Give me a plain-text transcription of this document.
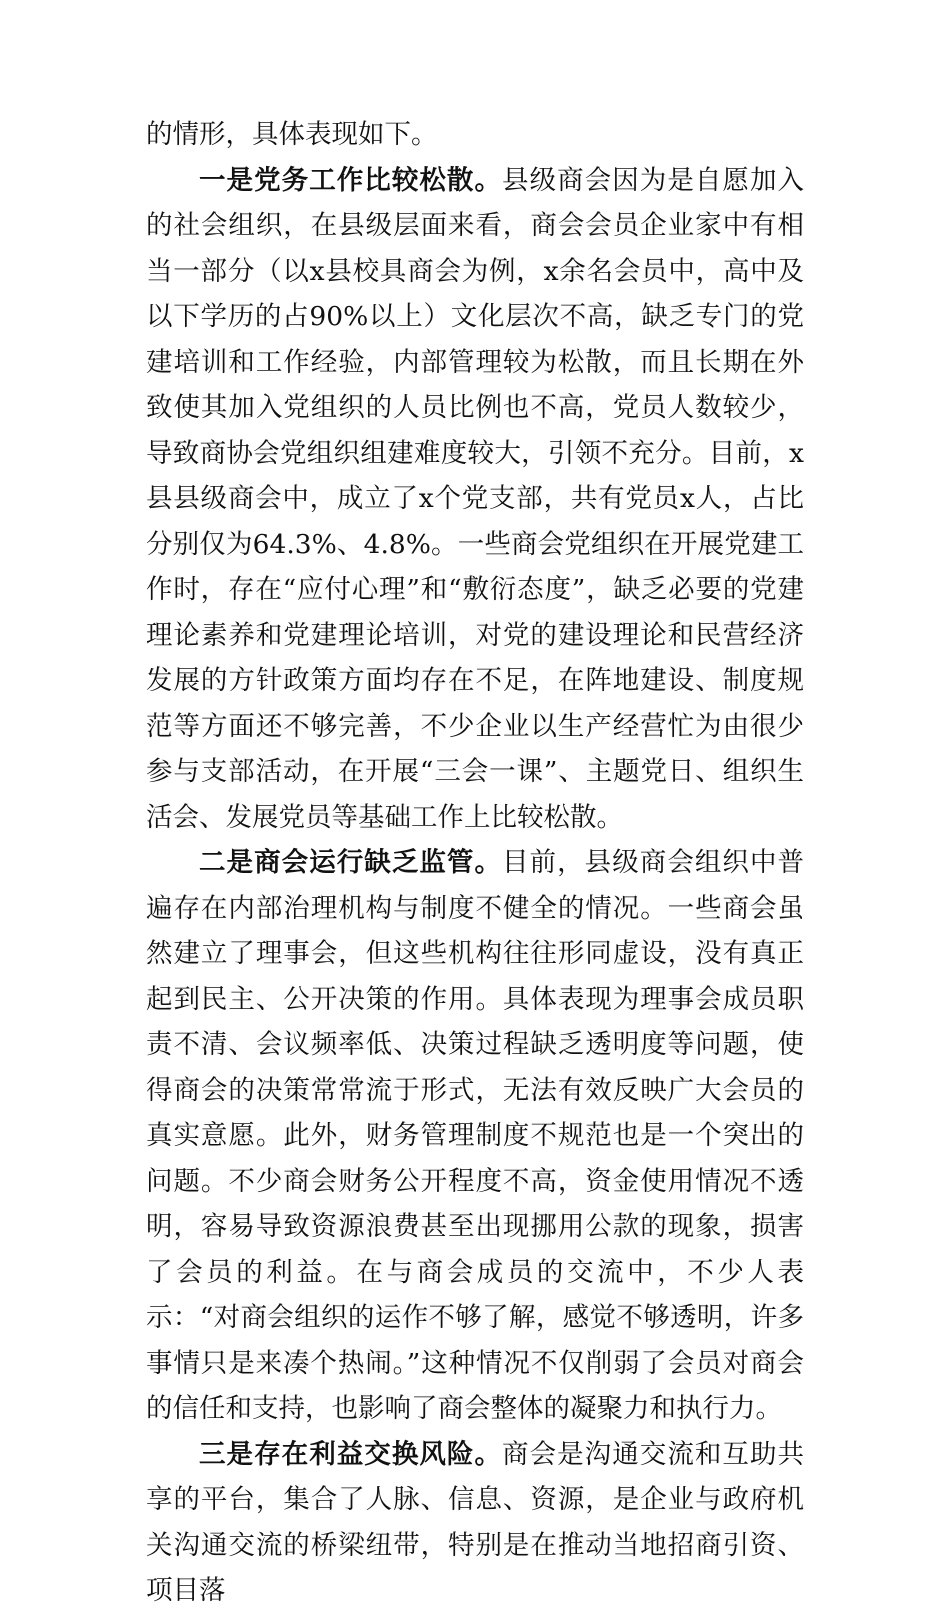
的情形，具体表现如下。

一是党务工作比较松散。县级商会因为是自愿加入的社会组织，在县级层面来看，商会会员企业家中有相当一部分（以x县校具商会为例，x余名会员中，高中及以下学历的占90%以上）文化层次不高，缺乏专门的党建培训和工作经验，内部管理较为松散，而且长期在外致使其加入党组织的人员比例也不高，党员人数较少，导致商协会党组织组建难度较大，引领不充分。目前，x县县级商会中，成立了x个党支部，共有党员x人，占比分别仅为64.3%、4.8%。一些商会党组织在开展党建工作时，存在“应付心理”和“敷衍态度”，缺乏必要的党建理论素养和党建理论培训，对党的建设理论和民营经济发展的方针政策方面均存在不足，在阵地建设、制度规范等方面还不够完善，不少企业以生产经营忙为由很少参与支部活动，在开展“三会一课”、主题党日、组织生活会、发展党员等基础工作上比较松散。

二是商会运行缺乏监管。目前，县级商会组织中普遍存在内部治理机构与制度不健全的情况。一些商会虽然建立了理事会，但这些机构往往形同虚设，没有真正起到民主、公开决策的作用。具体表现为理事会成员职责不清、会议频率低、决策过程缺乏透明度等问题，使得商会的决策常常流于形式，无法有效反映广大会员的真实意愿。此外，财务管理制度不规范也是一个突出的问题。不少商会财务公开程度不高，资金使用情况不透明，容易导致资源浪费甚至出现挪用公款的现象，损害了会员的利益。在与商会成员的交流中，不少人表示：“对商会组织的运作不够了解，感觉不够透明，许多事情只是来凑个热闹。”这种情况不仅削弱了会员对商会的信任和支持，也影响了商会整体的凝聚力和执行力。

三是存在利益交换风险。商会是沟通交流和互助共享的平台，集合了人脉、信息、资源，是企业与政府机关沟通交流的桥梁纽带，特别是在推动当地招商引资、项目落
